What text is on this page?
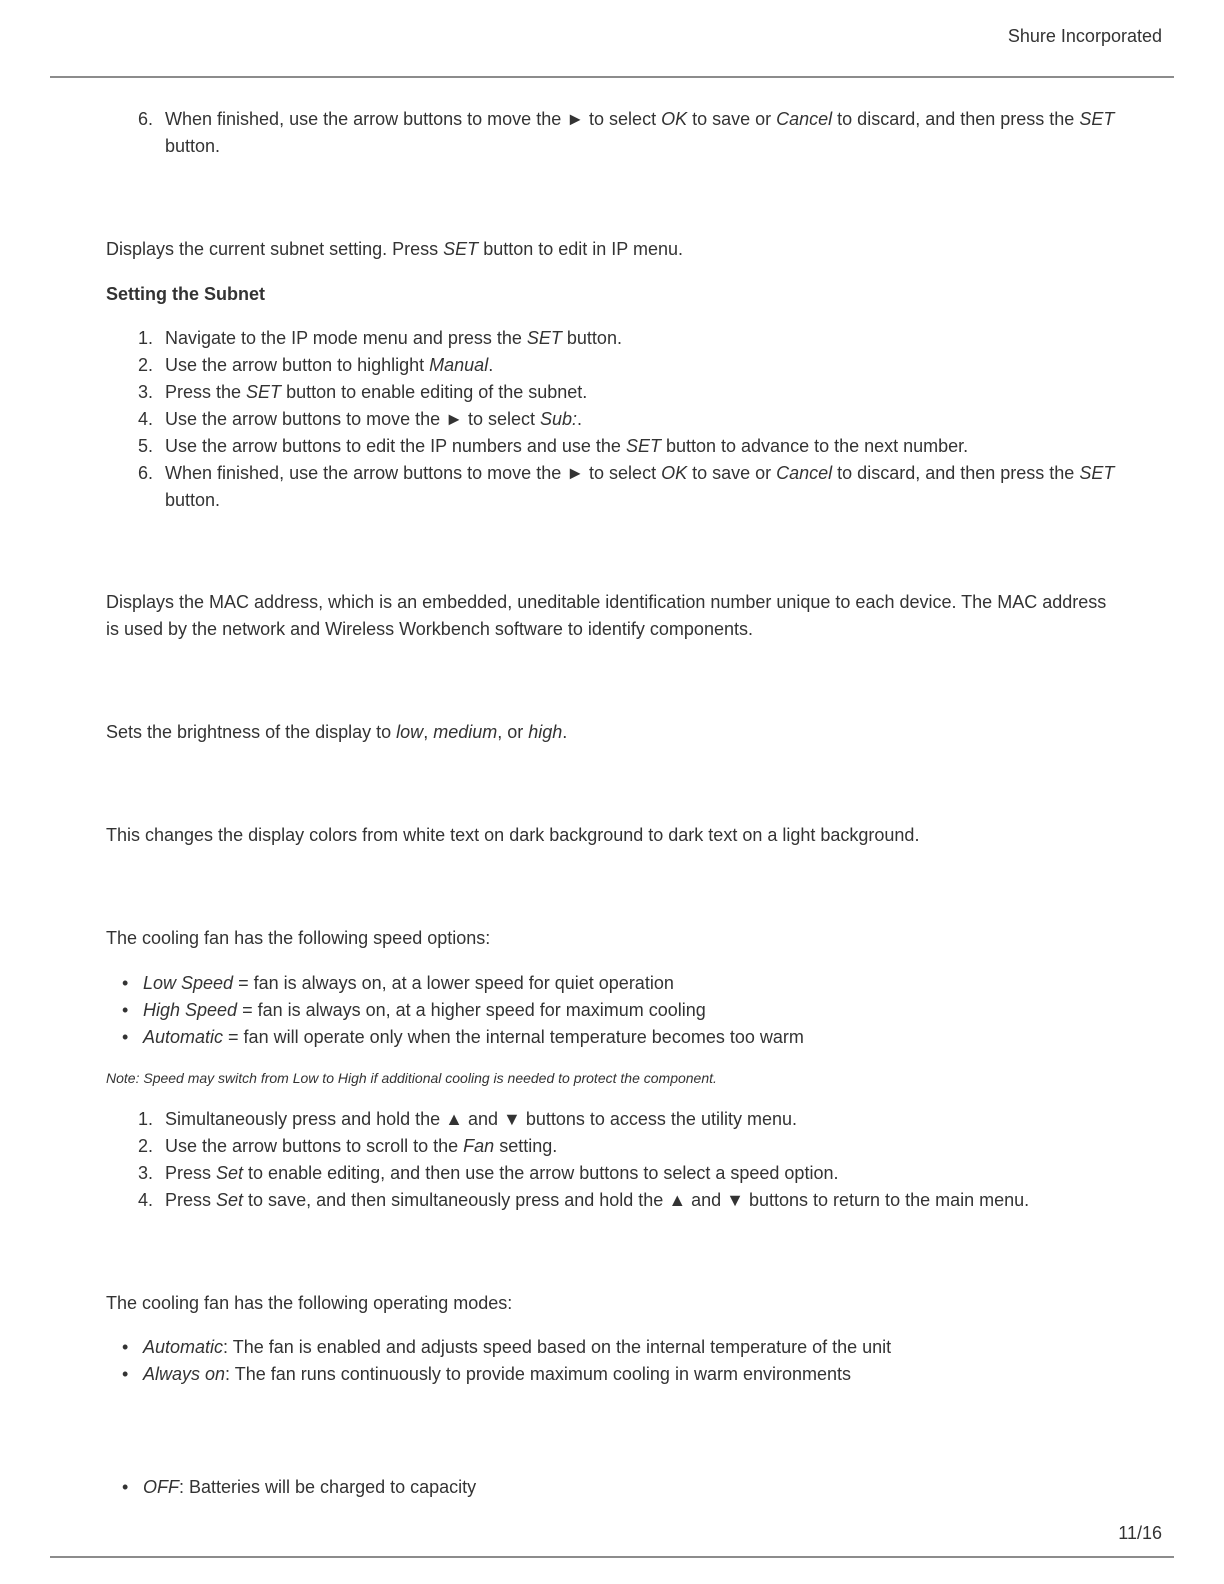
Shure Incorporated
6. When finished, use the arrow buttons to move the ► to select OK to save or Cancel to discard, and then press the SET button.

Displays the current subnet setting. Press SET button to edit in IP menu.

Setting the Subnet

1. Navigate to the IP mode menu and press the SET button.
2. Use the arrow button to highlight Manual.
3. Press the SET button to enable editing of the subnet.
4. Use the arrow buttons to move the ► to select Sub:.
5. Use the arrow buttons to edit the IP numbers and use the SET button to advance to the next number.
6. When finished, use the arrow buttons to move the ► to select OK to save or Cancel to discard, and then press the SET button.

Displays the MAC address, which is an embedded, uneditable identification number unique to each device. The MAC address is used by the network and Wireless Workbench software to identify components.

Sets the brightness of the display to low, medium, or high.

This changes the display colors from white text on dark background to dark text on a light background.

The cooling fan has the following speed options:

• Low Speed = fan is always on, at a lower speed for quiet operation
• High Speed = fan is always on, at a higher speed for maximum cooling
• Automatic = fan will operate only when the internal temperature becomes too warm

Note: Speed may switch from Low to High if additional cooling is needed to protect the component.

1. Simultaneously press and hold the ▲ and ▼ buttons to access the utility menu.
2. Use the arrow buttons to scroll to the Fan setting.
3. Press Set to enable editing, and then use the arrow buttons to select a speed option.
4. Press Set to save, and then simultaneously press and hold the ▲ and ▼ buttons to return to the main menu.

The cooling fan has the following operating modes:

• Automatic: The fan is enabled and adjusts speed based on the internal temperature of the unit
• Always on: The fan runs continuously to provide maximum cooling in warm environments
• OFF: Batteries will be charged to capacity
11/16
